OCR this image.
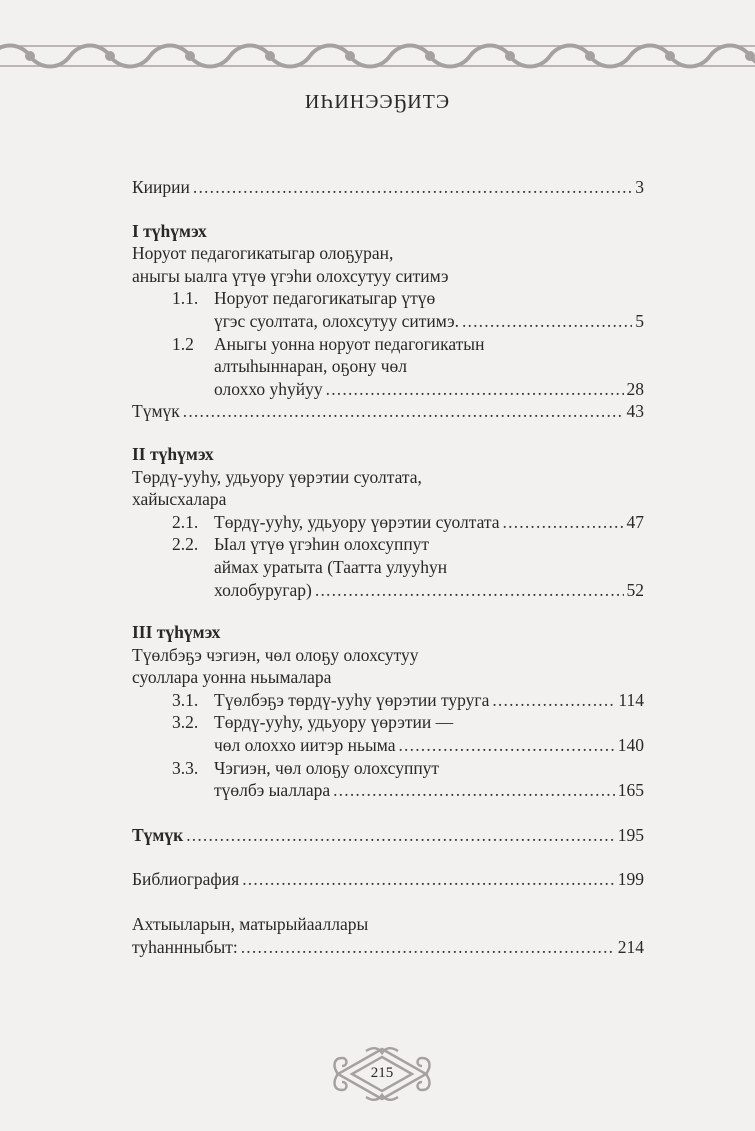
ИҺИНЭЭҔИТЭ
Киирии .....	3
I түһүмэх
Норуот педагогикатыгар олоҕуран,
аныгы ыалга үтүө үгэһи олохсутуу ситимэ
1.1. Норуот педагогикатыгар үтүө
үгэс суолтата, олохсутуу ситимэ. .....	5
1.2 Аныгы уонна норуот педагогикатын
алтыһыннаран, оҕону чөл
олоххо уһуйуу .....	28
Түмүк .....	43
II түһүмэх
Төрдү-ууһу, удьуору үөрэтии суолтата,
хайысхалара
2.1. Төрдү-ууһу, удьуору үөрэтии суолтата .....	47
2.2. Ыал үтүө үгэһин олохсуппут
аймах уратыта (Таатта улууһун
холобуругар) .....	52
III түһүмэх
Түөлбэҕэ чэгиэн, чөл олоҕу олохсутуу
суоллара уонна ньымалара
3.1. Түөлбэҕэ төрдү-ууһу үөрэтии туруга .....	114
3.2. Төрдү-ууһу, удьуору үөрэтии —
чөл олоххо иитэр ньыма .....	140
3.3. Чэгиэн, чөл олоҕу олохсуппут
түөлбэ ыаллара .....	165
Түмүк .....	195
Библиография .....	199
Ахтыыларын, матырыйааллары
туһаннныбыт: .....	214
215
